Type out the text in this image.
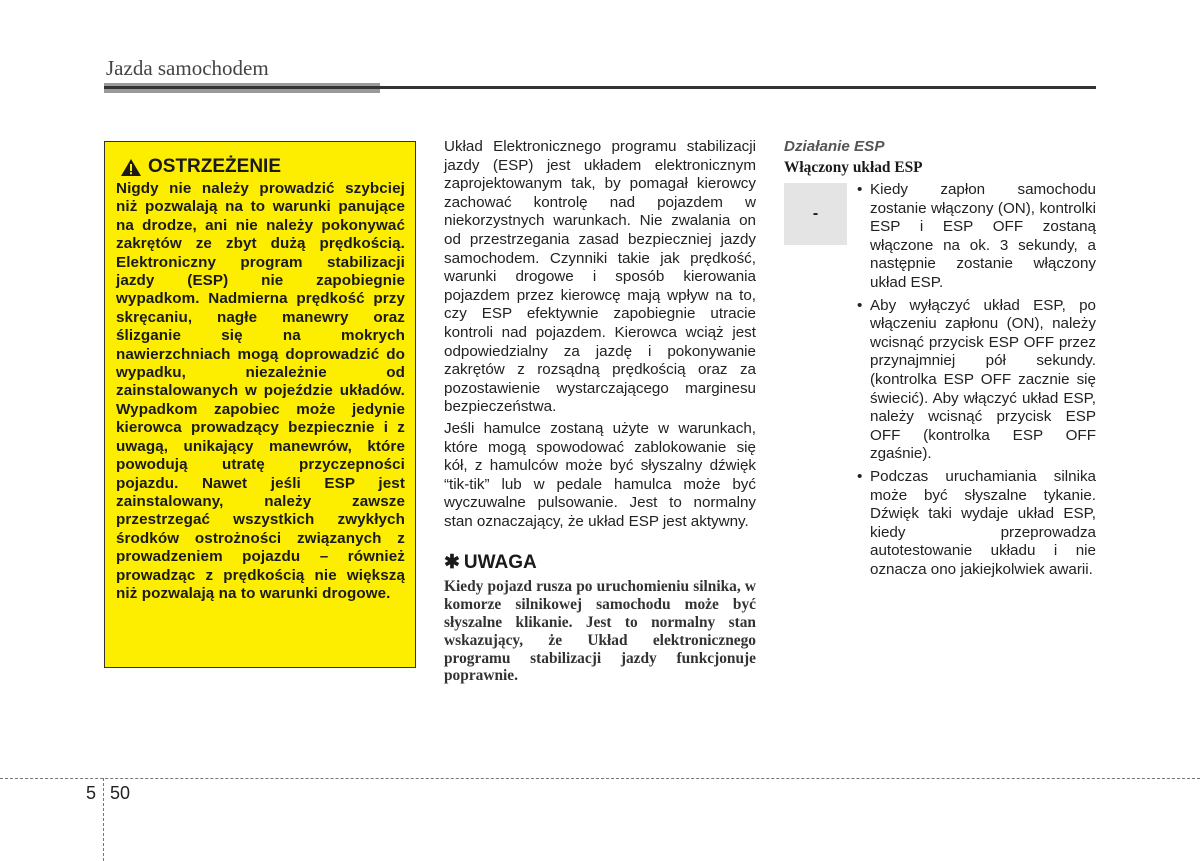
Jazda samochodem
OSTRZEŻENIE

Nigdy nie należy prowadzić szybciej niż pozwalają na to warunki panujące na drodze, ani nie należy pokonywać zakrętów ze zbyt dużą prędkością. Elektroniczny program stabilizacji jazdy (ESP) nie zapobiegnie wypadkom. Nadmierna prędkość przy skręcaniu, nagłe manewry oraz ślizganie się na mokrych nawierzchniach mogą doprowadzić do wypadku, niezależnie od zainstalowanych w pojeździe układów. Wypadkom zapobiec może jedynie kierowca prowadzący bezpiecznie i z uwagą, unikający manewrów, które powodują utratę przyczepności pojazdu. Nawet jeśli ESP jest zainstalowany, należy zawsze przestrzegać wszystkich zwykłych środków ostrożności związanych z prowadzeniem pojazdu – również prowadząc z prędkością nie większą niż pozwalają na to warunki drogowe.

Układ Elektronicznego programu stabilizacji jazdy (ESP) jest układem elektronicznym zaprojektowanym tak, by pomagał kierowcy zachować kontrolę nad pojazdem w niekorzystnych warunkach. Nie zwalania on od przestrzegania zasad bezpieczniej jazdy samochodem. Czynniki takie jak prędkość, warunki drogowe i sposób kierowania pojazdem przez kierowcę mają wpływ na to, czy ESP efektywnie zapobiegnie utracie kontroli nad pojazdem. Kierowca wciąż jest odpowiedzialny za jazdę i pokonywanie zakrętów z rozsądną prędkością oraz za pozostawienie wystarczającego marginesu bezpieczeństwa.

Jeśli hamulce zostaną użyte w warunkach, które mogą spowodować zablokowanie się kół, z hamulców może być słyszalny dźwięk “tik-tik” lub w pedale hamulca może być wyczuwalne pulsowanie. Jest to normalny stan oznaczający, że układ ESP jest aktywny.

✱ UWAGA

Kiedy pojazd rusza po uruchomieniu silnika, w komorze silnikowej samochodu może być słyszalne klikanie. Jest to normalny stan wskazujący, że Układ elektronicznego programu stabilizacji jazdy funkcjonuje poprawnie.

Działanie ESP

Włączony układ ESP

-
• Kiedy zapłon samochodu zostanie włączony (ON), kontrolki ESP i ESP OFF zostaną włączone na ok. 3 sekundy, a następnie zostanie włączony układ ESP.
• Aby wyłączyć układ ESP, po włączeniu zapłonu (ON), należy wcisnąć przycisk ESP OFF przez przynajmniej pół sekundy. (kontrolka ESP OFF zacznie się świecić). Aby włączyć układ ESP, należy wcisnąć przycisk ESP OFF (kontrolka ESP OFF zgaśnie).
• Podczas uruchamiania silnika może być słyszalne tykanie. Dźwięk taki wydaje układ ESP, kiedy przeprowadza autotestowanie układu i nie oznacza ono jakiejkolwiek awarii.
5 50
